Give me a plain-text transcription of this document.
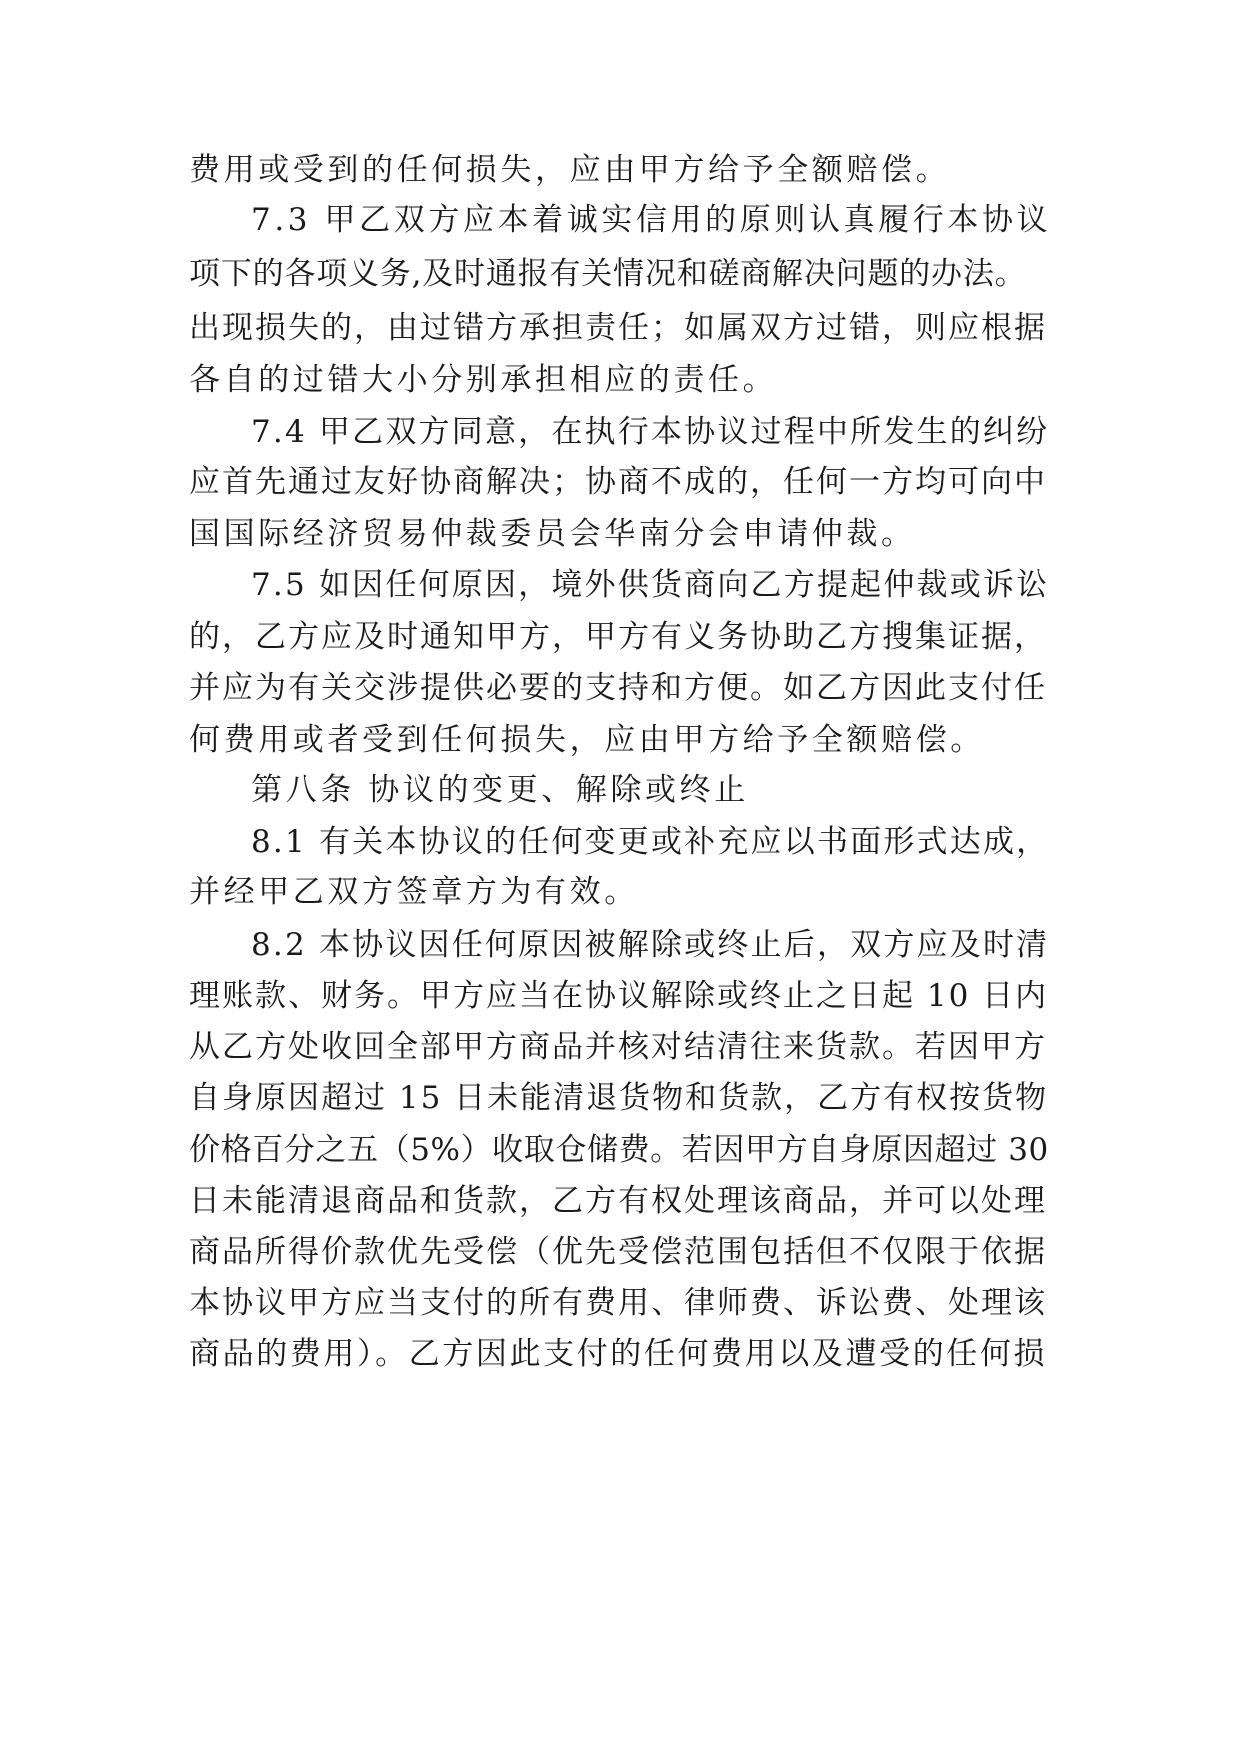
费用或受到的任何损失，应由甲方给予全额赔偿。
7.3 甲乙双方应本着诚实信用的原则认真履行本协议
项下的各项义务,及时通报有关情况和磋商解决问题的办法。
出现损失的，由过错方承担责任；如属双方过错，则应根据
各自的过错大小分别承担相应的责任。
7.4 甲乙双方同意，在执行本协议过程中所发生的纠纷
应首先通过友好协商解决；协商不成的，任何一方均可向中
国国际经济贸易仲裁委员会华南分会申请仲裁。
7.5 如因任何原因，境外供货商向乙方提起仲裁或诉讼
的，乙方应及时通知甲方，甲方有义务协助乙方搜集证据，
并应为有关交涉提供必要的支持和方便。如乙方因此支付任
何费用或者受到任何损失，应由甲方给予全额赔偿。
第八条 协议的变更、解除或终止
8.1 有关本协议的任何变更或补充应以书面形式达成，
并经甲乙双方签章方为有效。
8.2 本协议因任何原因被解除或终止后，双方应及时清
理账款、财务。甲方应当在协议解除或终止之日起 10 日内
从乙方处收回全部甲方商品并核对结清往来货款。若因甲方
自身原因超过 15 日未能清退货物和货款，乙方有权按货物
价格百分之五（5%）收取仓储费。若因甲方自身原因超过 30
日未能清退商品和货款，乙方有权处理该商品，并可以处理
商品所得价款优先受偿（优先受偿范围包括但不仅限于依据
本协议甲方应当支付的所有费用、律师费、诉讼费、处理该
商品的费用）。乙方因此支付的任何费用以及遭受的任何损
